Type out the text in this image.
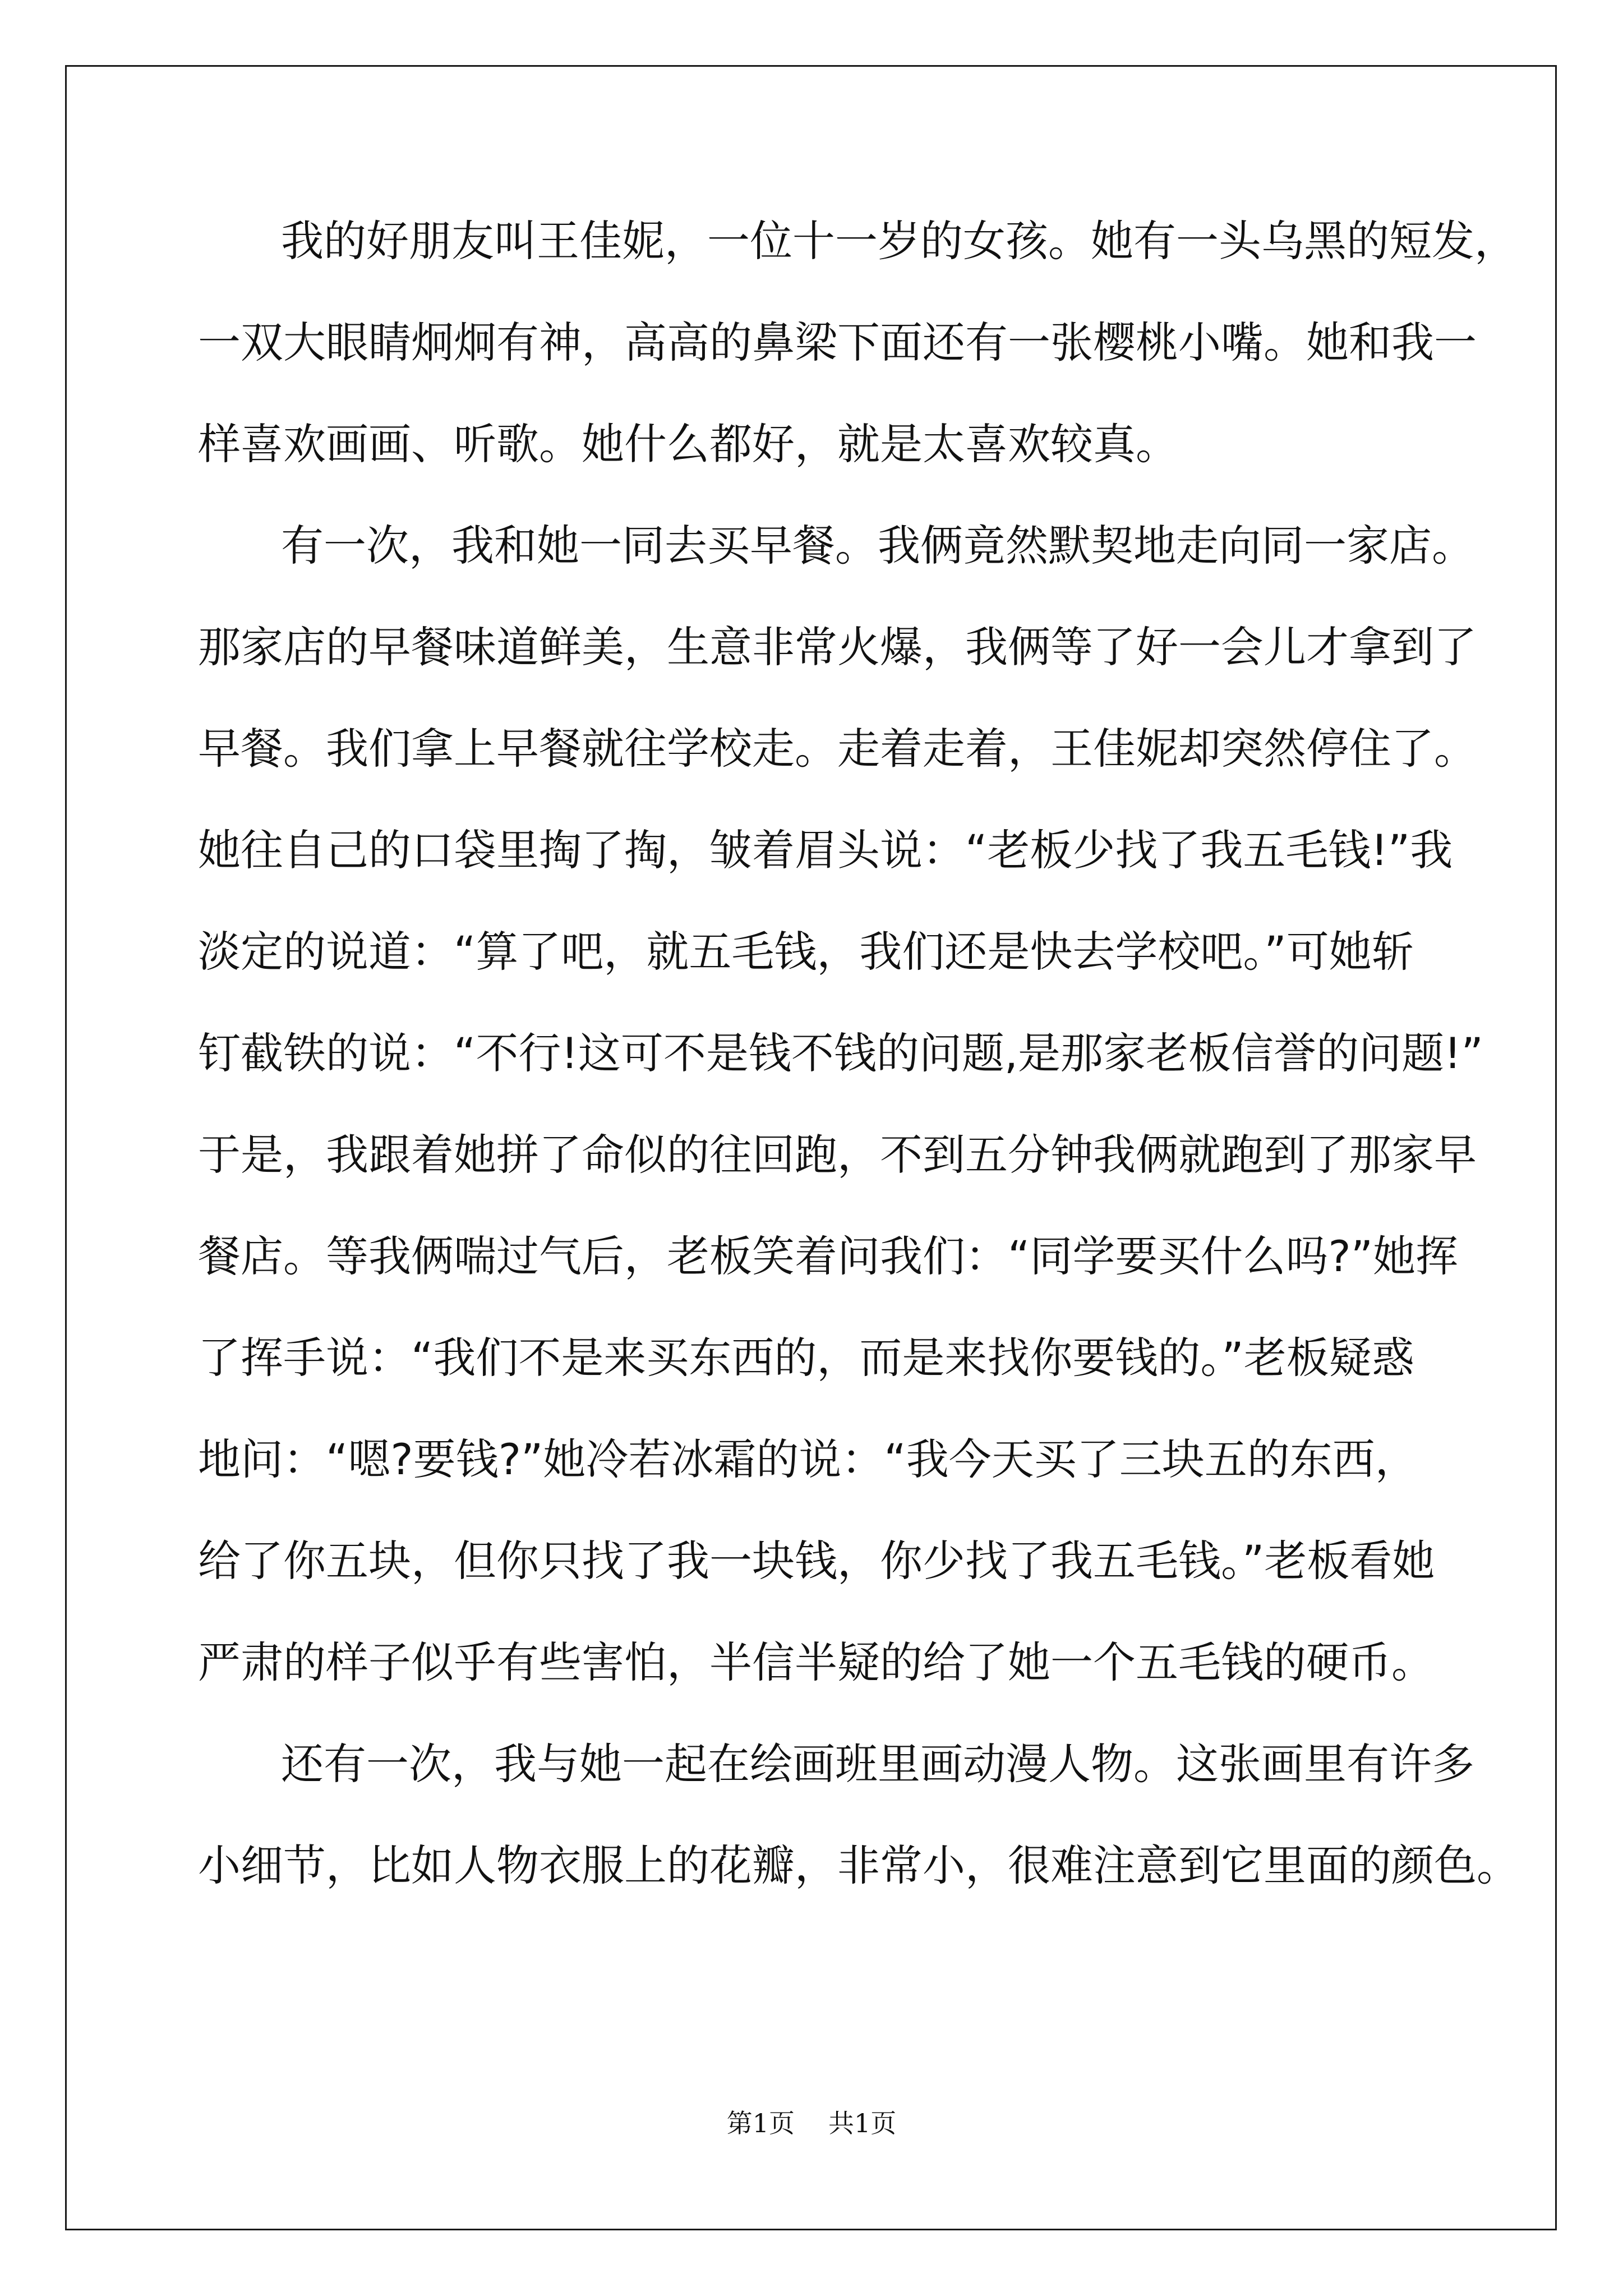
我的好朋友叫王佳妮，一位十一岁的女孩。她有一头乌黑的短发，
一双大眼睛炯炯有神，高高的鼻梁下面还有一张樱桃小嘴。她和我一
样喜欢画画、听歌。她什么都好，就是太喜欢较真。
有一次，我和她一同去买早餐。我俩竟然默契地走向同一家店。
那家店的早餐味道鲜美，生意非常火爆，我俩等了好一会儿才拿到了
早餐。我们拿上早餐就往学校走。走着走着，王佳妮却突然停住了。
她往自己的口袋里掏了掏，皱着眉头说：“老板少找了我五毛钱!”我
淡定的说道：“算了吧，就五毛钱，我们还是快去学校吧。”可她斩
钉截铁的说：“不行!这可不是钱不钱的问题,是那家老板信誉的问题!”
于是，我跟着她拼了命似的往回跑，不到五分钟我俩就跑到了那家早
餐店。等我俩喘过气后，老板笑着问我们：“同学要买什么吗?”她挥
了挥手说：“我们不是来买东西的，而是来找你要钱的。”老板疑惑
地问：“嗯?要钱?”她冷若冰霜的说：“我今天买了三块五的东西，
给了你五块，但你只找了我一块钱，你少找了我五毛钱。”老板看她
严肃的样子似乎有些害怕，半信半疑的给了她一个五毛钱的硬币。
还有一次，我与她一起在绘画班里画动漫人物。这张画里有许多
小细节，比如人物衣服上的花瓣，非常小，很难注意到它里面的颜色。
第1页 共1页
